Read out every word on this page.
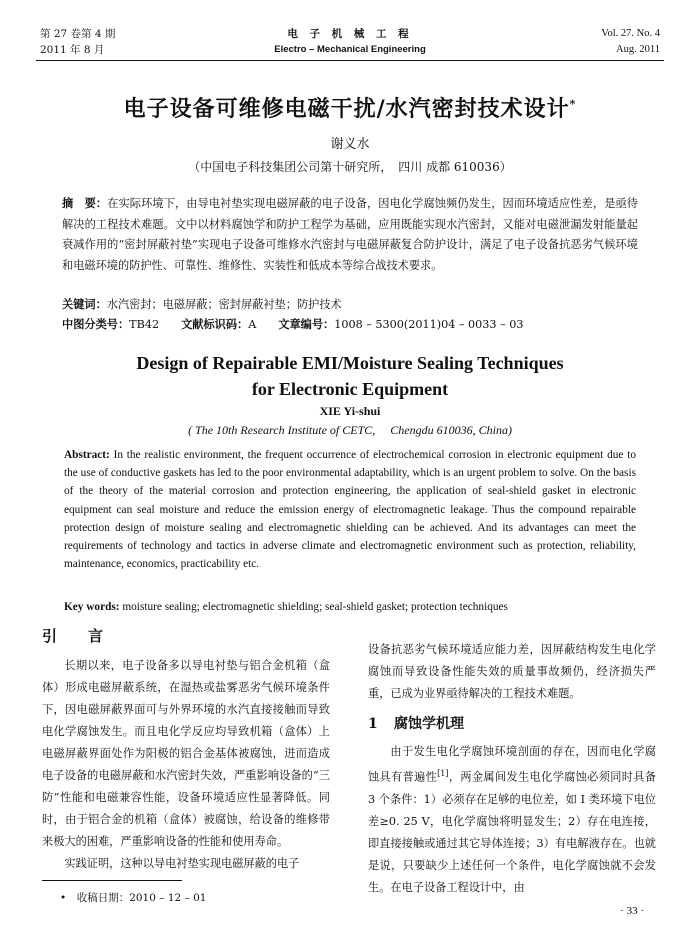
第 27 卷第 4 期
2011 年 8 月
电 子 机 械 工 程
Electro – Mechanical Engineering
Vol. 27. No. 4
Aug. 2011
电子设备可维修电磁干扰/水汽密封技术设计*
谢义水
（中国电子科技集团公司第十研究所，　四川 成都 610036）
摘　要：在实际环境下，由导电衬垫实现电磁屏蔽的电子设备，因电化学腐蚀频仍发生，因而环境适应性差，是亟待解决的工程技术难题。文中以材料腐蚀学和防护工程学为基础，应用既能实现水汽密封，又能对电磁泄漏发射能量起衰减作用的“密封屏蔽衬垫”实现电子设备可维修水汽密封与电磁屏蔽复合防护设计，满足了电子设备抗恶劣气候环境和电磁环境的防护性、可靠性、维修性、实装性和低成本等综合战技术要求。
关键词：水汽密封；电磁屏蔽；密封屏蔽衬垫；防护技术
中图分类号：TB42 文献标识码：A 文章编号：1008 – 5300(2011)04 – 0033 – 03
Design of Repairable EMI/Moisture Sealing Techniques
for Electronic Equipment
XIE Yi-shui
( The 10th Research Institute of CETC,　 Chengdu 610036, China)
Abstract: In the realistic environment, the frequent occurrence of electrochemical corrosion in electronic equipment due to the use of conductive gaskets has led to the poor environmental adaptability, which is an urgent problem to solve. On the basis of the theory of the material corrosion and protection engineering, the application of seal-shield gasket in electronic equipment can seal moisture and reduce the emission energy of electromagnetic leakage. Thus the compound repairable protection design of moisture sealing and electromagnetic shielding can be achieved. And its advantages can meet the requirements of technology and tactics in adverse climate and electromagnetic environment such as protection, reliability, maintenance, economics, practicability etc.
Key words: moisture sealing; electromagnetic shielding; seal-shield gasket; protection techniques
引　言

长期以来，电子设备多以导电衬垫与铝合金机箱（盒体）形成电磁屏蔽系统，在湿热或盐雾恶劣气候环境条件下，因电磁屏蔽界面可与外界环境的水汽直接接触而导致电化学腐蚀发生。而且电化学反应均导致机箱（盒体）上电磁屏蔽界面处作为阳极的铝合金基体被腐蚀，进而造成电子设备的电磁屏蔽和水汽密封失效，严重影响设备的“三防”性能和电磁兼容性能，设备环境适应性显著降低。同时，由于铝合金的机箱（盒体）被腐蚀，给设备的维修带来极大的困难，严重影响设备的性能和使用寿命。

实践证明，这种以导电衬垫实现电磁屏蔽的电子

设备抗恶劣气候环境适应能力差，因屏蔽结构发生电化学腐蚀而导致设备性能失效的质量事故频仍，经济损失严重，已成为业界亟待解决的工程技术难题。

1 腐蚀学机理

由于发生电化学腐蚀环境剖面的存在，因而电化学腐蚀具有普遍性[1]，两金属间发生电化学腐蚀必须同时具备 3 个条件：1）必须存在足够的电位差，如 I 类环境下电位差≥0. 25 V，电化学腐蚀将明显发生；2）存在电连接，即直接接触或通过其它导体连接；3）有电解液存在。也就是说，只要缺少上述任何一个条件，电化学腐蚀就不会发生。在电子设备工程设计中，由

•　收稿日期：2010 – 12 – 01
· 33 ·
